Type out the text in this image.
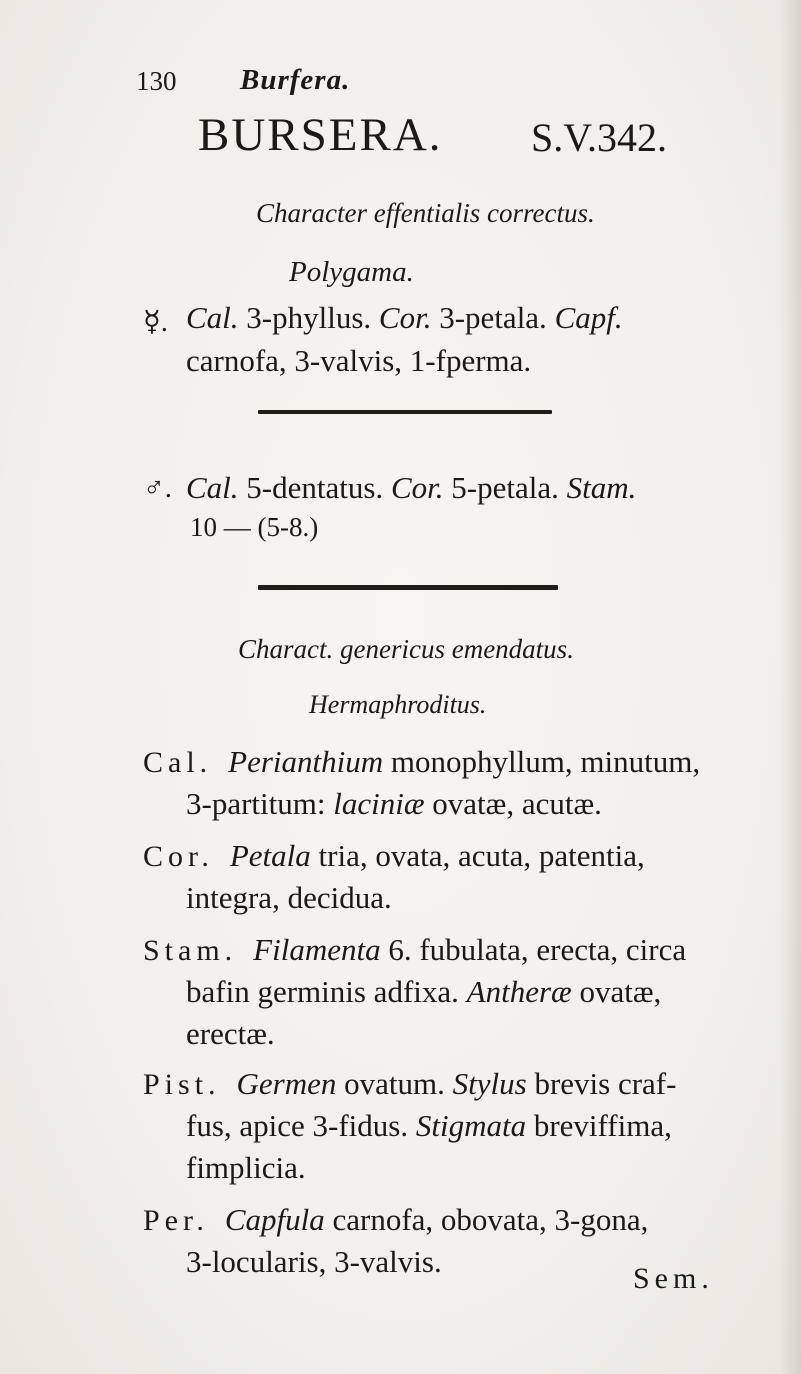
130 Burfera.
BURSERA. S.V.342.
Character effentialis correctus.
Polygama.
☿. Cal. 3-phyllus. Cor. 3-petala. Capf.
carnofa, 3-valvis, 1-fperma.
♂. Cal. 5-dentatus. Cor. 5-petala. Stam.
10 — (5-8.)
Charact. genericus emendatus.
Hermaphroditus.
Cal. Perianthium monophyllum, minutum,
3-partitum: laciniæ ovatæ, acutæ.
Cor. Petala tria, ovata, acuta, patentia,
integra, decidua.
Stam. Filamenta 6. fubulata, erecta, circa
bafin germinis adfixa. Antheræ ovatæ,
erectæ.
Pist. Germen ovatum. Stylus brevis craf-
fus, apice 3-fidus. Stigmata breviffima,
fimplicia.
Per. Capfula carnofa, obovata, 3-gona,
3-locularis, 3-valvis.	Sem.
